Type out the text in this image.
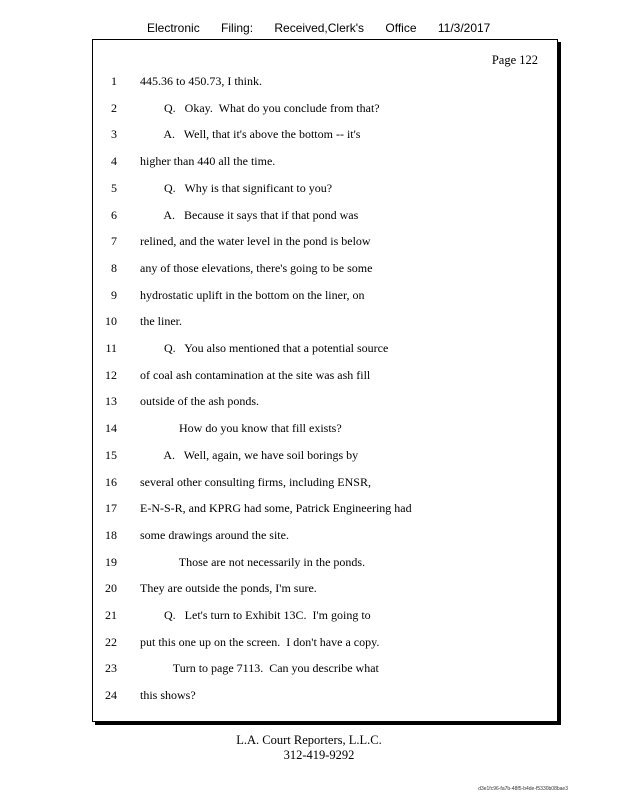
Electronic Filing: Received,Clerk's Office 11/3/2017
Page 122
1 445.36 to 450.73, I think.
2 Q.   Okay.  What do you conclude from that?
3 A.   Well, that it's above the bottom -- it's
4 higher than 440 all the time.
5 Q.   Why is that significant to you?
6 A.   Because it says that if that pond was
7 relined, and the water level in the pond is below
8 any of those elevations, there's going to be some
9 hydrostatic uplift in the bottom on the liner, on
10 the liner.
11 Q.   You also mentioned that a potential source
12 of coal ash contamination at the site was ash fill
13 outside of the ash ponds.
14 How do you know that fill exists?
15 A.   Well, again, we have soil borings by
16 several other consulting firms, including ENSR,
17 E-N-S-R, and KPRG had some, Patrick Engineering had
18 some drawings around the site.
19 Those are not necessarily in the ponds.
20 They are outside the ponds, I'm sure.
21 Q.   Let's turn to Exhibit 13C.  I'm going to
22 put this one up on the screen.  I don't have a copy.
23 Turn to page 7113.  Can you describe what
24 this shows?
L.A. Court Reporters, L.L.C.
312-419-9292
d3e1fc96-fa7b-48f5-b4de-f5330b08bae3
